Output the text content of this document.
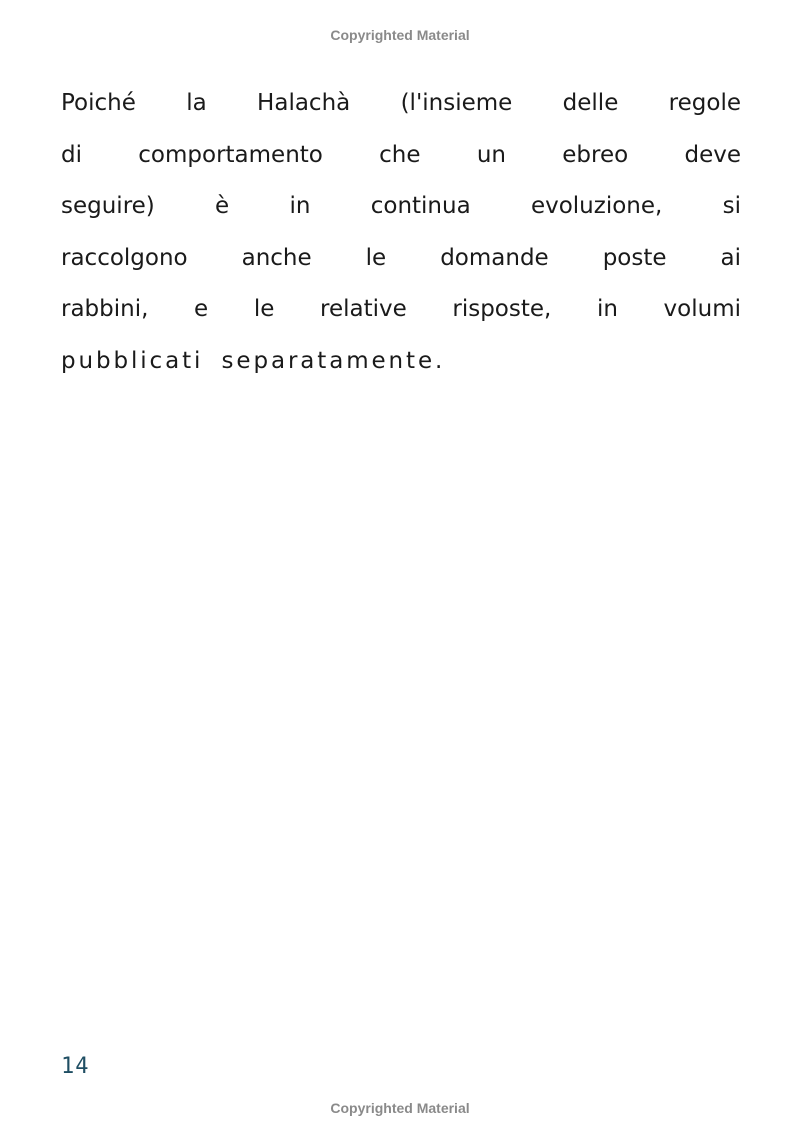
Copyrighted Material

Poiché la Halachà (l'insieme delle regole
di comportamento che un ebreo deve
seguire) è in continua evoluzione, si
raccolgono anche le domande poste ai
rabbini, e le relative risposte, in volumi
pubblicati separatamente.

14
Copyrighted Material
